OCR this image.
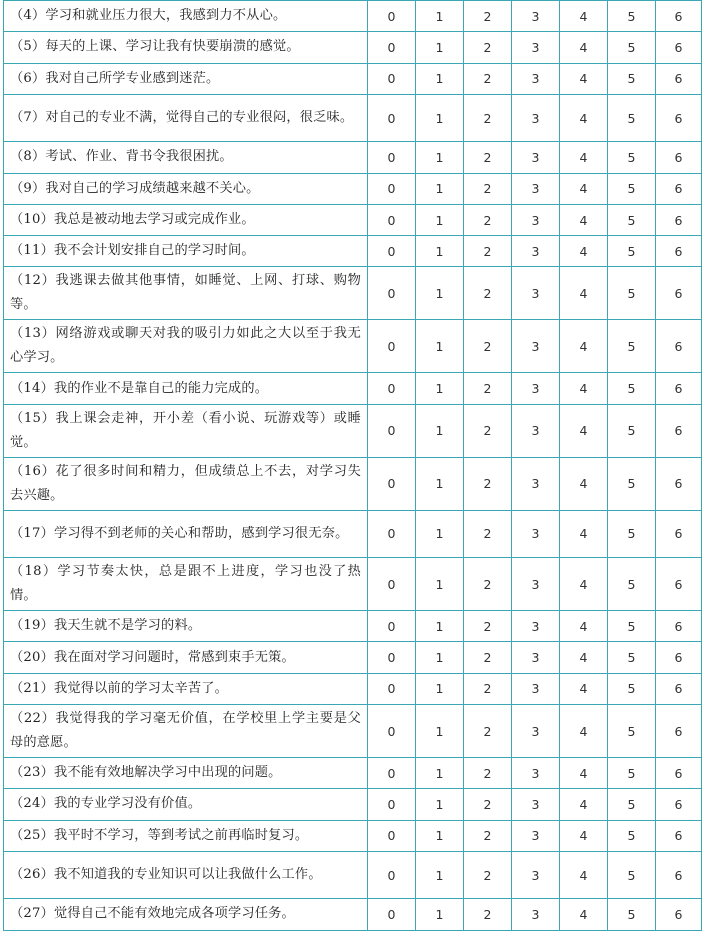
（4）学习和就业压力很大，我感到力不从心。	0	1	2	3	4	5	6
（5）每天的上课、学习让我有快要崩溃的感觉。	0	1	2	3	4	5	6
（6）我对自己所学专业感到迷茫。	0	1	2	3	4	5	6
（7）对自己的专业不满，觉得自己的专业很闷，很乏味。	0	1	2	3	4	5	6
（8）考试、作业、背书令我很困扰。	0	1	2	3	4	5	6
（9）我对自己的学习成绩越来越不关心。	0	1	2	3	4	5	6
（10）我总是被动地去学习或完成作业。	0	1	2	3	4	5	6
（11）我不会计划安排自己的学习时间。	0	1	2	3	4	5	6
（12）我逃课去做其他事情，如睡觉、上网、打球、购物等。	0	1	2	3	4	5	6
（13）网络游戏或聊天对我的吸引力如此之大以至于我无心学习。	0	1	2	3	4	5	6
（14）我的作业不是靠自己的能力完成的。	0	1	2	3	4	5	6
（15）我上课会走神，开小差（看小说、玩游戏等）或睡觉。	0	1	2	3	4	5	6
（16）花了很多时间和精力，但成绩总上不去，对学习失去兴趣。	0	1	2	3	4	5	6
（17）学习得不到老师的关心和帮助，感到学习很无奈。	0	1	2	3	4	5	6
（18）学习节奏太快，总是跟不上进度，学习也没了热情。	0	1	2	3	4	5	6
（19）我天生就不是学习的料。	0	1	2	3	4	5	6
（20）我在面对学习问题时，常感到束手无策。	0	1	2	3	4	5	6
（21）我觉得以前的学习太辛苦了。	0	1	2	3	4	5	6
（22）我觉得我的学习毫无价值，在学校里上学主要是父母的意愿。	0	1	2	3	4	5	6
（23）我不能有效地解决学习中出现的问题。	0	1	2	3	4	5	6
（24）我的专业学习没有价值。	0	1	2	3	4	5	6
（25）我平时不学习，等到考试之前再临时复习。	0	1	2	3	4	5	6
（26）我不知道我的专业知识可以让我做什么工作。	0	1	2	3	4	5	6
（27）觉得自己不能有效地完成各项学习任务。	0	1	2	3	4	5	6
